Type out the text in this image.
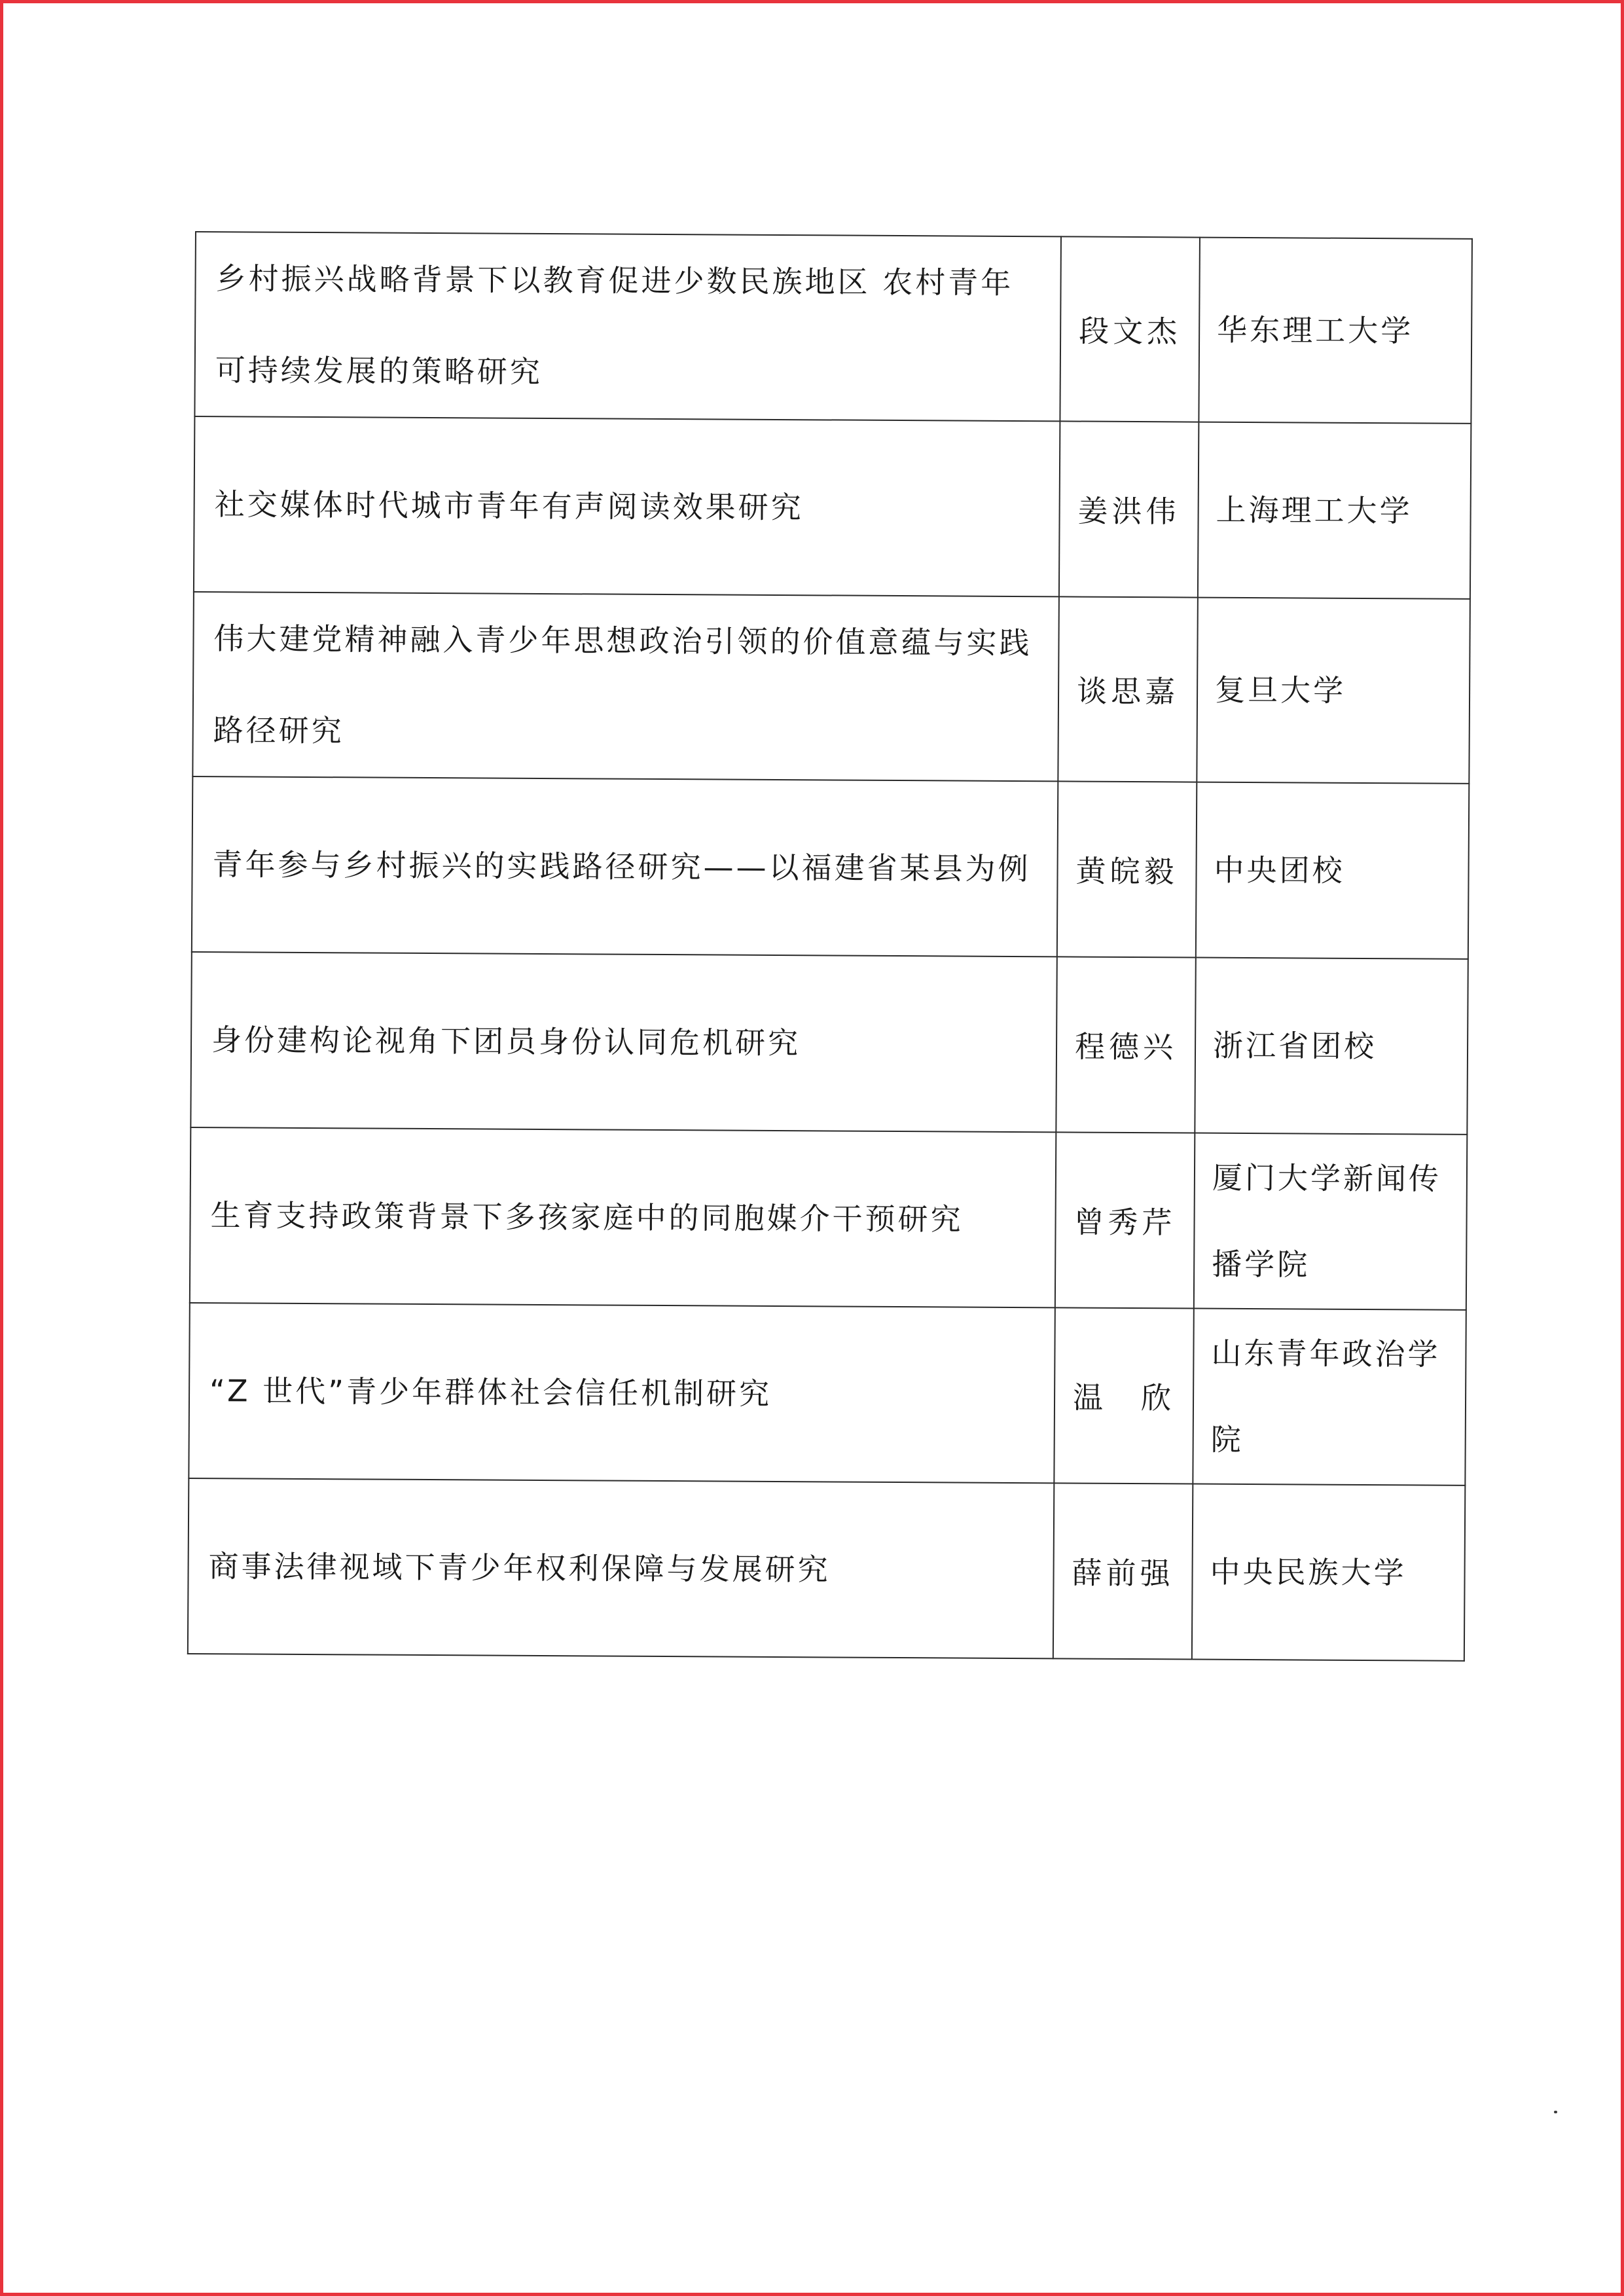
乡村振兴战略背景下以教育促进少数民族地区 农村青年可持续发展的策略研究	段文杰	华东理工大学
社交媒体时代城市青年有声阅读效果研究	姜洪伟	上海理工大学
伟大建党精神融入青少年思想政治引领的价值意蕴与实践路径研究	谈思嘉	复旦大学
青年参与乡村振兴的实践路径研究——以福建省某县为例	黄皖毅	中央团校
身份建构论视角下团员身份认同危机研究	程德兴	浙江省团校
生育支持政策背景下多孩家庭中的同胞媒介干预研究	曾秀芹	厦门大学新闻传播学院
“Z 世代”青少年群体社会信任机制研究	温　欣	山东青年政治学院
商事法律视域下青少年权利保障与发展研究	薛前强	中央民族大学
